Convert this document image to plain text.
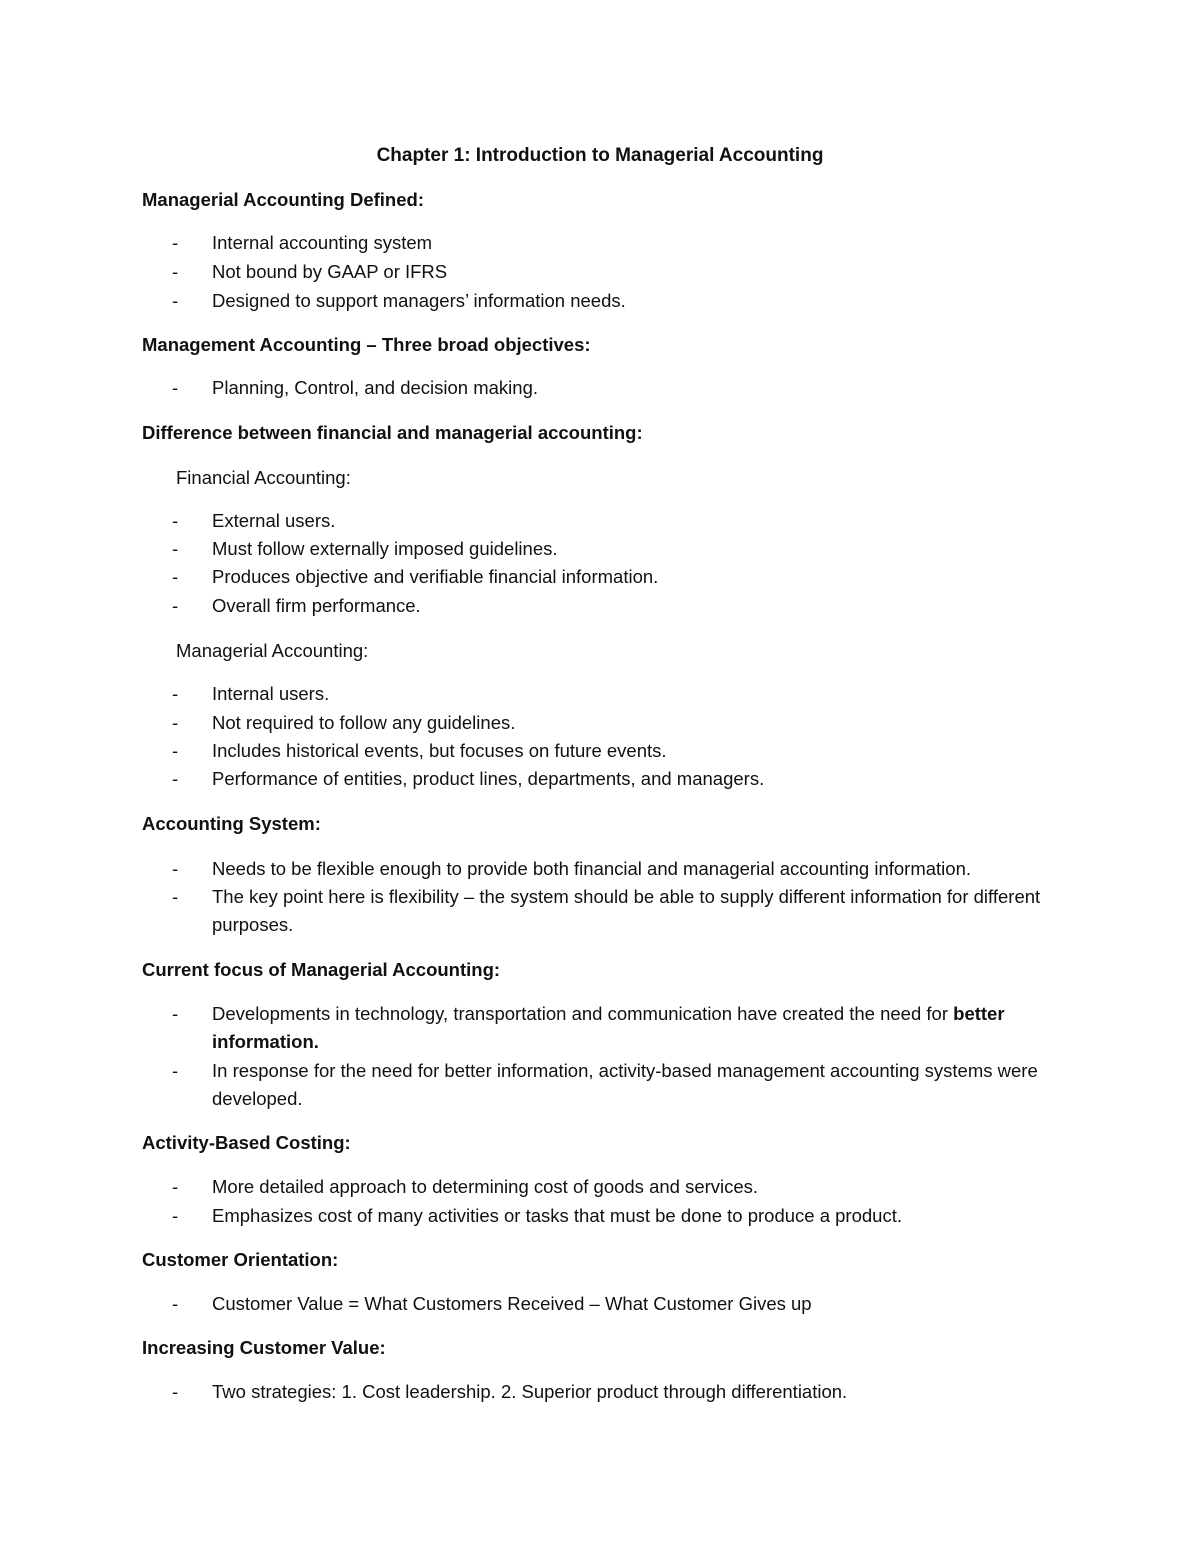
Chapter 1: Introduction to Managerial Accounting
Managerial Accounting Defined:
- Internal accounting system
- Not bound by GAAP or IFRS
- Designed to support managers’ information needs.
Management Accounting – Three broad objectives:
- Planning, Control, and decision making.
Difference between financial and managerial accounting:
Financial Accounting:
- External users.
- Must follow externally imposed guidelines.
- Produces objective and verifiable financial information.
- Overall firm performance.
Managerial Accounting:
- Internal users.
- Not required to follow any guidelines.
- Includes historical events, but focuses on future events.
- Performance of entities, product lines, departments, and managers.
Accounting System:
- Needs to be flexible enough to provide both financial and managerial accounting information.
- The key point here is flexibility – the system should be able to supply different information for different purposes.
Current focus of Managerial Accounting:
- Developments in technology, transportation and communication have created the need for better information.
- In response for the need for better information, activity-based management accounting systems were developed.
Activity-Based Costing:
- More detailed approach to determining cost of goods and services.
- Emphasizes cost of many activities or tasks that must be done to produce a product.
Customer Orientation:
- Customer Value = What Customers Received – What Customer Gives up
Increasing Customer Value:
- Two strategies: 1. Cost leadership. 2. Superior product through differentiation.
